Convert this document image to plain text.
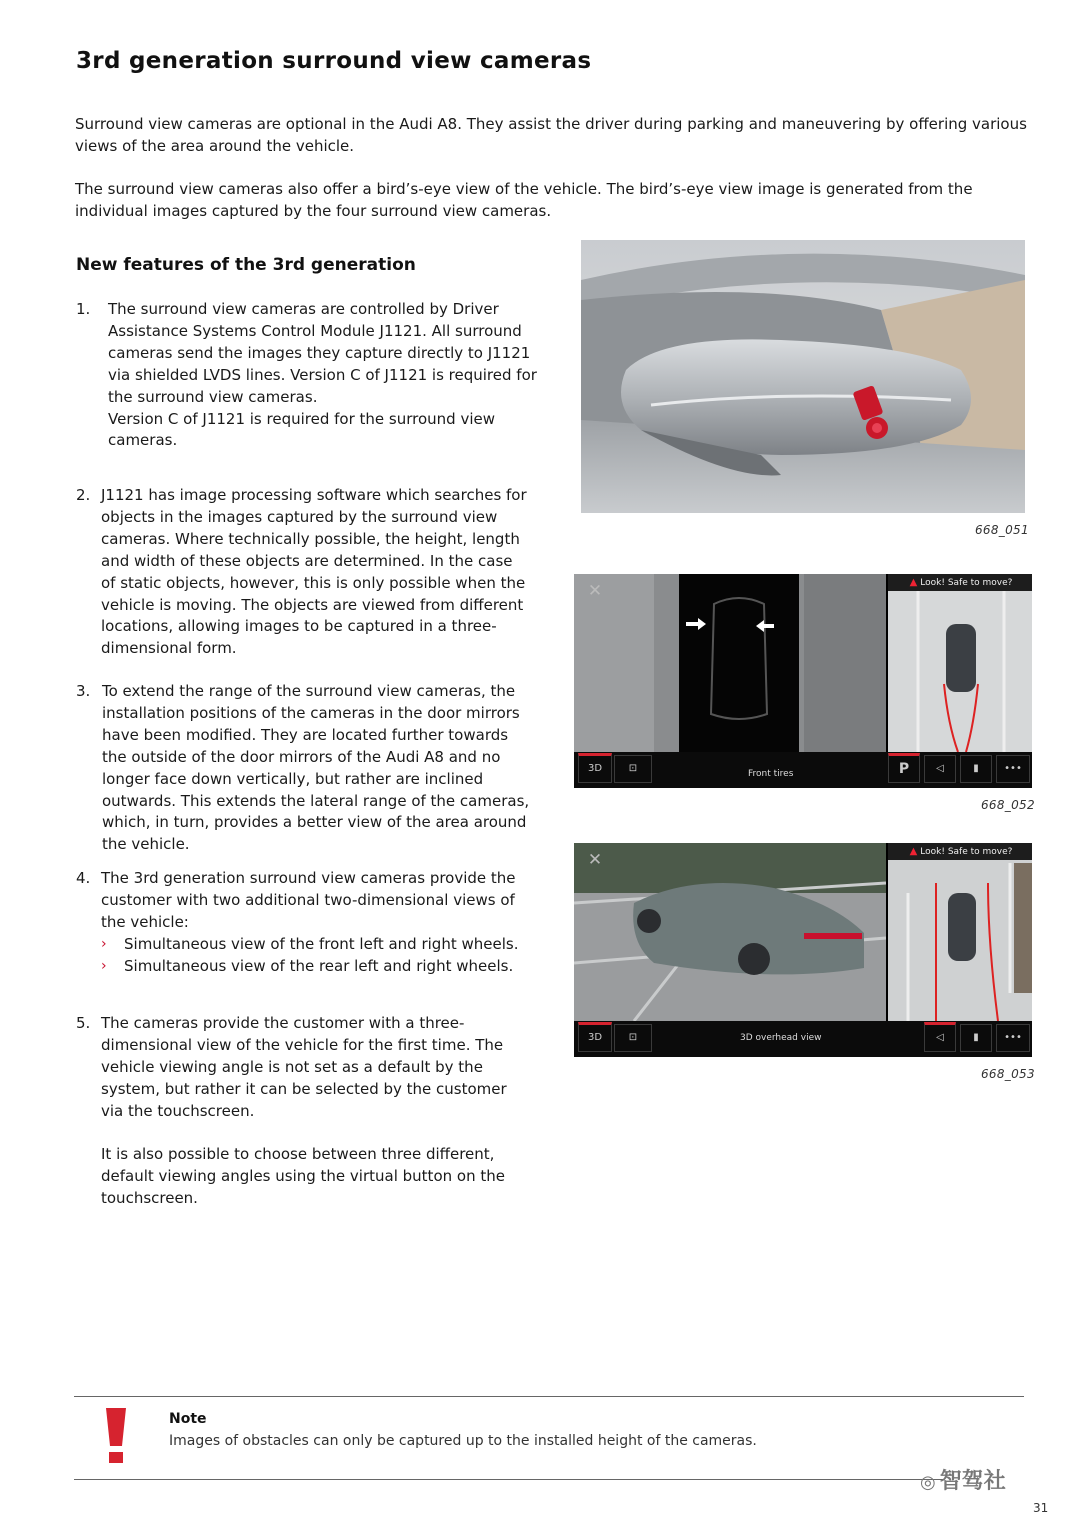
3rd generation surround view cameras

Surround view cameras are optional in the Audi A8. They assist the driver during parking and maneuvering by offering various views of the area around the vehicle.

The surround view cameras also offer a bird’s-eye view of the vehicle. The bird’s-eye view image is generated from the individual images captured by the four surround view cameras.

New features of the 3rd generation
1. The surround view cameras are controlled by Driver Assistance Systems Control Module J1121. All surround cameras send the images they capture directly to J1121 via shielded LVDS lines. Version C of J1121 is required for the surround view cameras.

Version C of J1121 is required for the surround view cameras.

2. J1121 has image processing software which searches for objects in the images captured by the surround view cameras. Where technically possible, the height, length and width of these objects are determined. In the case of static objects, however, this is only possible when the vehicle is moving. The objects are viewed from different locations, allowing images to be captured in a three-dimensional form.

3. To extend the range of the surround view cameras, the installation positions of the cameras in the door mirrors have been modified. They are located further towards the outside of the door mirrors of the Audi A8 and no longer face down vertically, but rather are inclined outwards. This extends the lateral range of the cameras, which, in turn, provides a better view of the area around the vehicle.

4. The 3rd generation surround view cameras provide the customer with two additional two-dimensional views of the vehicle:

› Simultaneous view of the front left and right wheels.
› Simultaneous view of the rear left and right wheels.
5. The cameras provide the customer with a three-dimensional view of the vehicle for the first time. The vehicle viewing angle is not set as a default by the system, but rather it can be selected by the customer via the touchscreen.

It is also possible to choose between three different, default viewing angles using the virtual button on the touchscreen.

668_051
✕	▲ Look! Safe to move?
3D	⊡	Front tires	P	◁	▮	•••
668_052
✕	▲ Look! Safe to move?
3D	⊡	3D overhead view	◁	▮	•••
668_053
Note
Images of obstacles can only be captured up to the installed height of the cameras.
◎ 智驾社
31
